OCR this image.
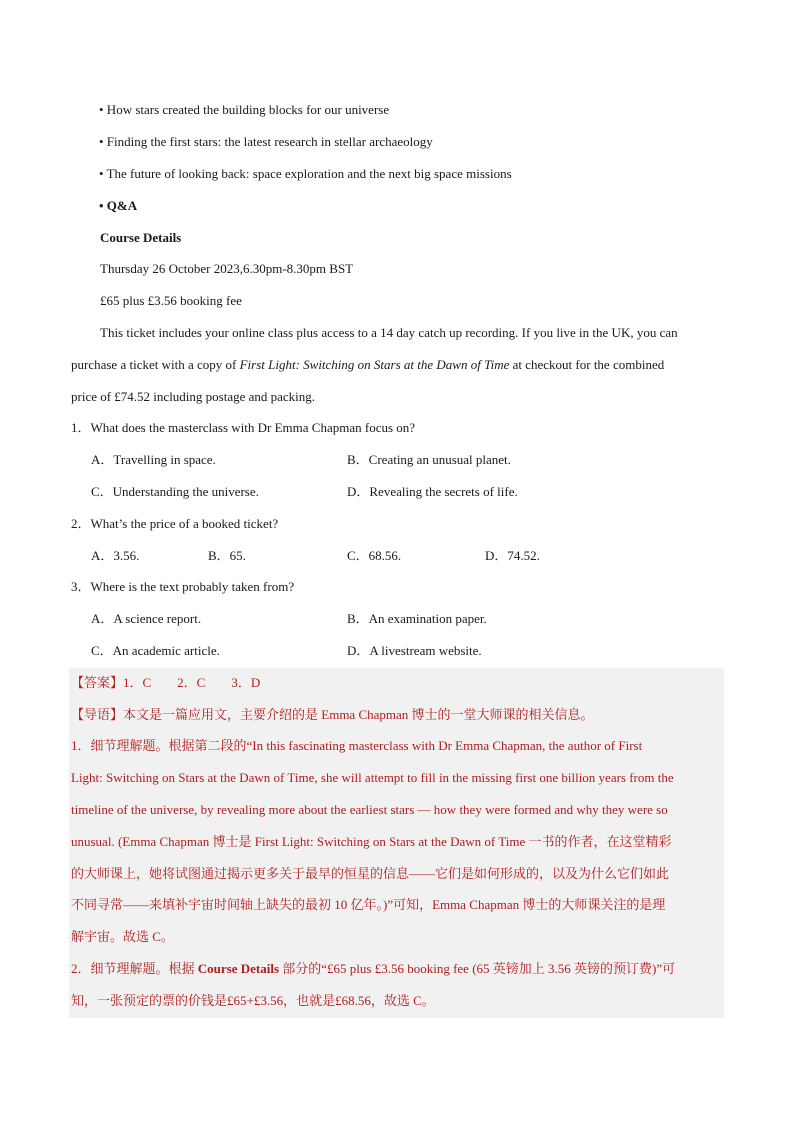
• How stars created the building blocks for our universe
• Finding the first stars: the latest research in stellar archaeology
• The future of looking back: space exploration and the next big space missions
• Q&A
Course Details
Thursday 26 October 2023,6.30pm-8.30pm BST
£65 plus £3.56 booking fee
This ticket includes your online class plus access to a 14 day catch up recording. If you live in the UK, you can
purchase a ticket with a copy of First Light: Switching on Stars at the Dawn of Time at checkout for the combined
price of £74.52 including postage and packing.
1．What does the masterclass with Dr Emma Chapman focus on?
A．Travelling in space.	B．Creating an unusual planet.
C．Understanding the universe.	D．Revealing the secrets of life.
2．What’s the price of a booked ticket?
A．3.56.	B．65.	C．68.56.	D．74.52.
3．Where is the text probably taken from?
A．A science report.	B．An examination paper.
C．An academic article.	D．A livestream website.
【答案】1．C　　2．C　　3．D
【导语】本文是一篇应用文，主要介绍的是 Emma Chapman 博士的一堂大师课的相关信息。
1．细节理解题。根据第二段的“In this fascinating masterclass with Dr Emma Chapman, the author of First
Light: Switching on Stars at the Dawn of Time, she will attempt to fill in the missing first one billion years from the
timeline of the universe, by revealing more about the earliest stars — how they were formed and why they were so
unusual. (Emma Chapman 博士是 First Light: Switching on Stars at the Dawn of Time 一书的作者，在这堂精彩
的大师课上，她将试图通过揭示更多关于最早的恒星的信息——它们是如何形成的，以及为什么它们如此
不同寻常——来填补宇宙时间轴上缺失的最初 10 亿年。)”可知，Emma Chapman 博士的大师课关注的是理
解宇宙。故选 C。
2．细节理解题。根据 Course Details 部分的“£65 plus £3.56 booking fee (65 英镑加上 3.56 英镑的预订费)”可
知，一张预定的票的价钱是£65+£3.56，也就是£68.56，故选 C。
